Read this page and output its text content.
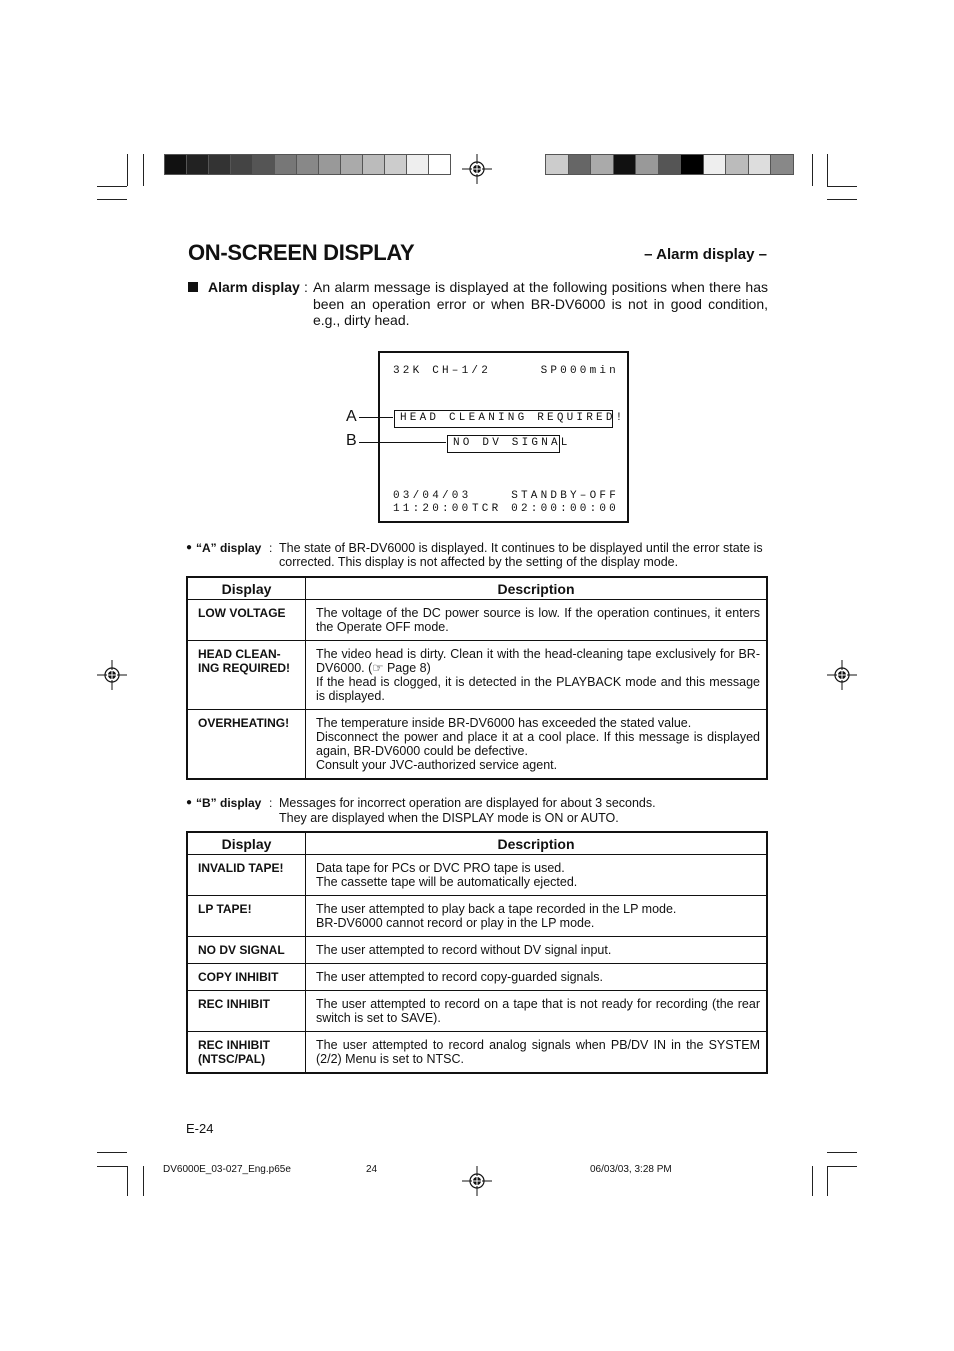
ON-SCREEN DISPLAY	– Alarm display –
Alarm display : An alarm message is displayed at the following positions when there has been an operation error or when BR-DV6000 is not in good condition, e.g., dirty head.
32K CH–1/2	SP000min
HEAD CLEANING REQUIRED!
NO DV SIGNAL
03/04/03	STANDBY–OFF
11:20:00 TCR 02:00:00:00
A
B
● “A” display : The state of BR-DV6000 is displayed. It continues to be displayed until the error state is
corrected. This display is not affected by the setting of the display mode.
Display	Description
LOW VOLTAGE	The voltage of the DC power source is low. If the operation continues, it enters the Operate OFF mode.
HEAD CLEAN-
ING REQUIRED!	The video head is dirty. Clean it with the head-cleaning tape exclusively for BR-DV6000. (☞ Page 8)
If the head is clogged, it is detected in the PLAYBACK mode and this message is displayed.
OVERHEATING!	The temperature inside BR-DV6000 has exceeded the stated value.
Disconnect the power and place it at a cool place. If this message is displayed again, BR-DV6000 could be defective.
Consult your JVC-authorized service agent.
● “B” display : Messages for incorrect operation are displayed for about 3 seconds.
They are displayed when the DISPLAY mode is ON or AUTO.
Display	Description
INVALID TAPE!	Data tape for PCs or DVC PRO tape is used.
The cassette tape will be automatically ejected.
LP TAPE!	The user attempted to play back a tape recorded in the LP mode.
BR-DV6000 cannot record or play in the LP mode.
NO DV SIGNAL	The user attempted to record without DV signal input.
COPY INHIBIT	The user attempted to record copy-guarded signals.
REC INHIBIT	The user attempted to record on a tape that is not ready for recording (the rear switch is set to SAVE).
REC INHIBIT
(NTSC/PAL)	The user attempted to record analog signals when PB/DV IN in the SYSTEM (2/2) Menu is set to NTSC.
E-24
DV6000E_03-027_Eng.p65e	24	06/03/03, 3:28 PM
